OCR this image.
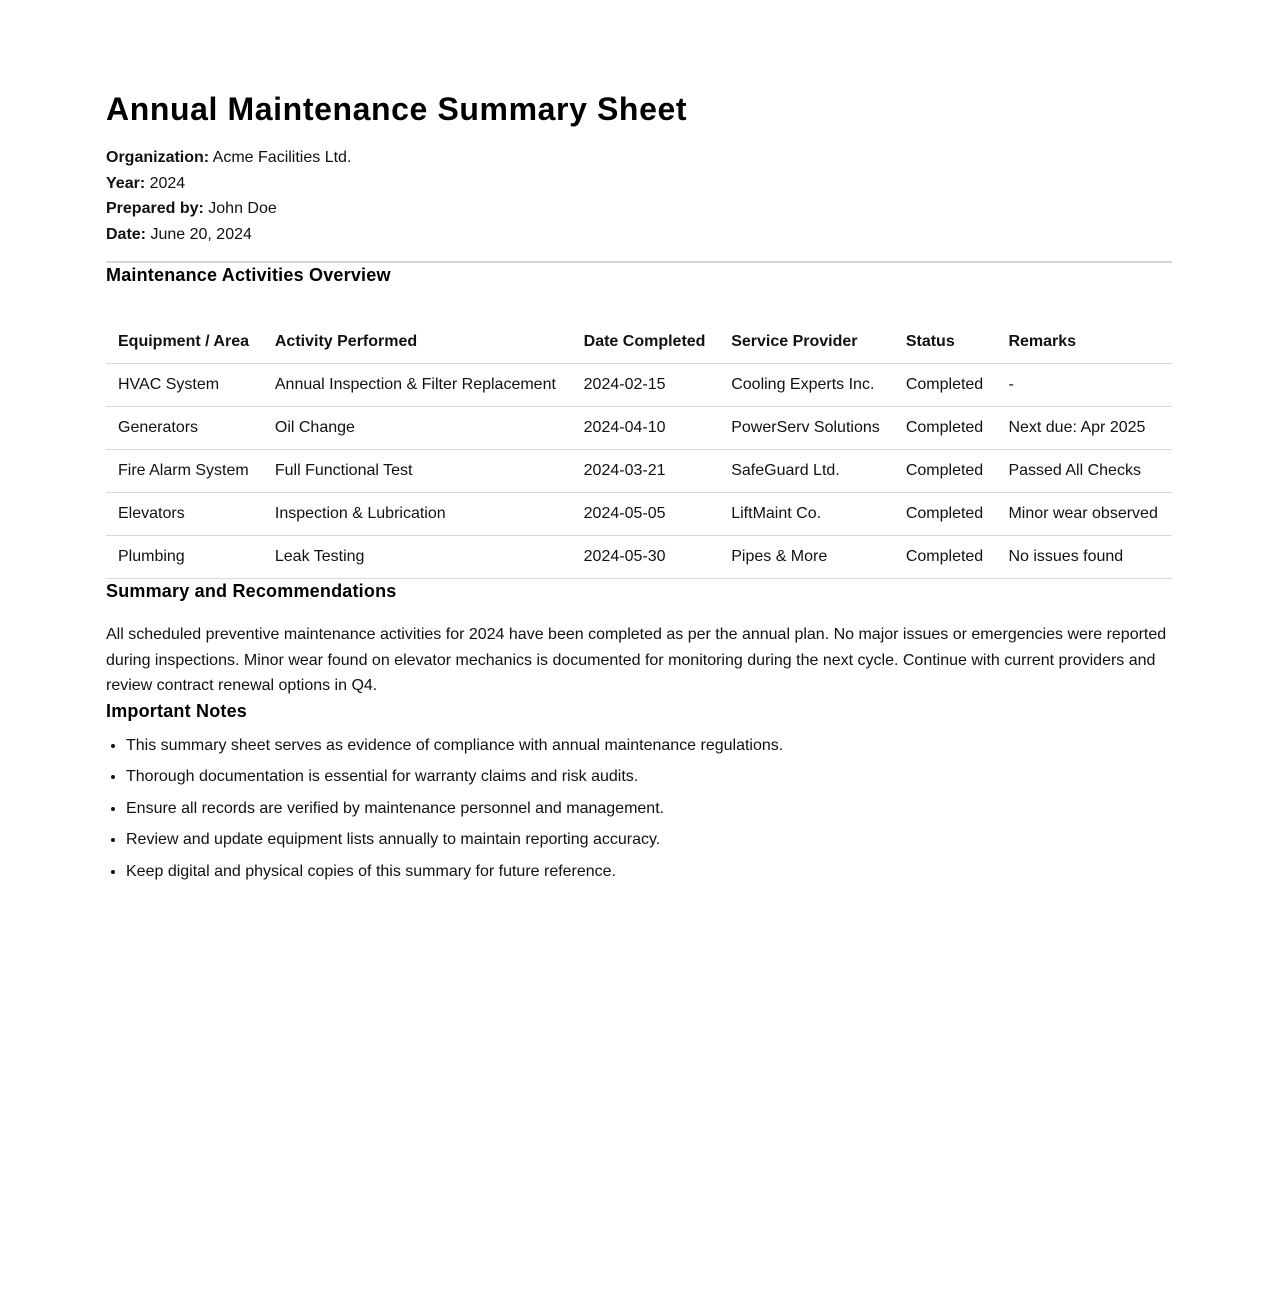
Annual Maintenance Summary Sheet
Organization: Acme Facilities Ltd.
Year: 2024
Prepared by: John Doe
Date: June 20, 2024
Maintenance Activities Overview
Equipment / Area	Activity Performed	Date Completed	Service Provider	Status	Remarks
HVAC System	Annual Inspection & Filter Replacement	2024-02-15	Cooling Experts Inc.	Completed	-
Generators	Oil Change	2024-04-10	PowerServ Solutions	Completed	Next due: Apr 2025
Fire Alarm System	Full Functional Test	2024-03-21	SafeGuard Ltd.	Completed	Passed All Checks
Elevators	Inspection & Lubrication	2024-05-05	LiftMaint Co.	Completed	Minor wear observed
Plumbing	Leak Testing	2024-05-30	Pipes & More	Completed	No issues found
Summary and Recommendations

All scheduled preventive maintenance activities for 2024 have been completed as per the annual plan. No major issues or emergencies were reported during inspections. Minor wear found on elevator mechanics is documented for monitoring during the next cycle. Continue with current providers and review contract renewal options in Q4.

Important Notes
• This summary sheet serves as evidence of compliance with annual maintenance regulations.
• Thorough documentation is essential for warranty claims and risk audits.
• Ensure all records are verified by maintenance personnel and management.
• Review and update equipment lists annually to maintain reporting accuracy.
• Keep digital and physical copies of this summary for future reference.
